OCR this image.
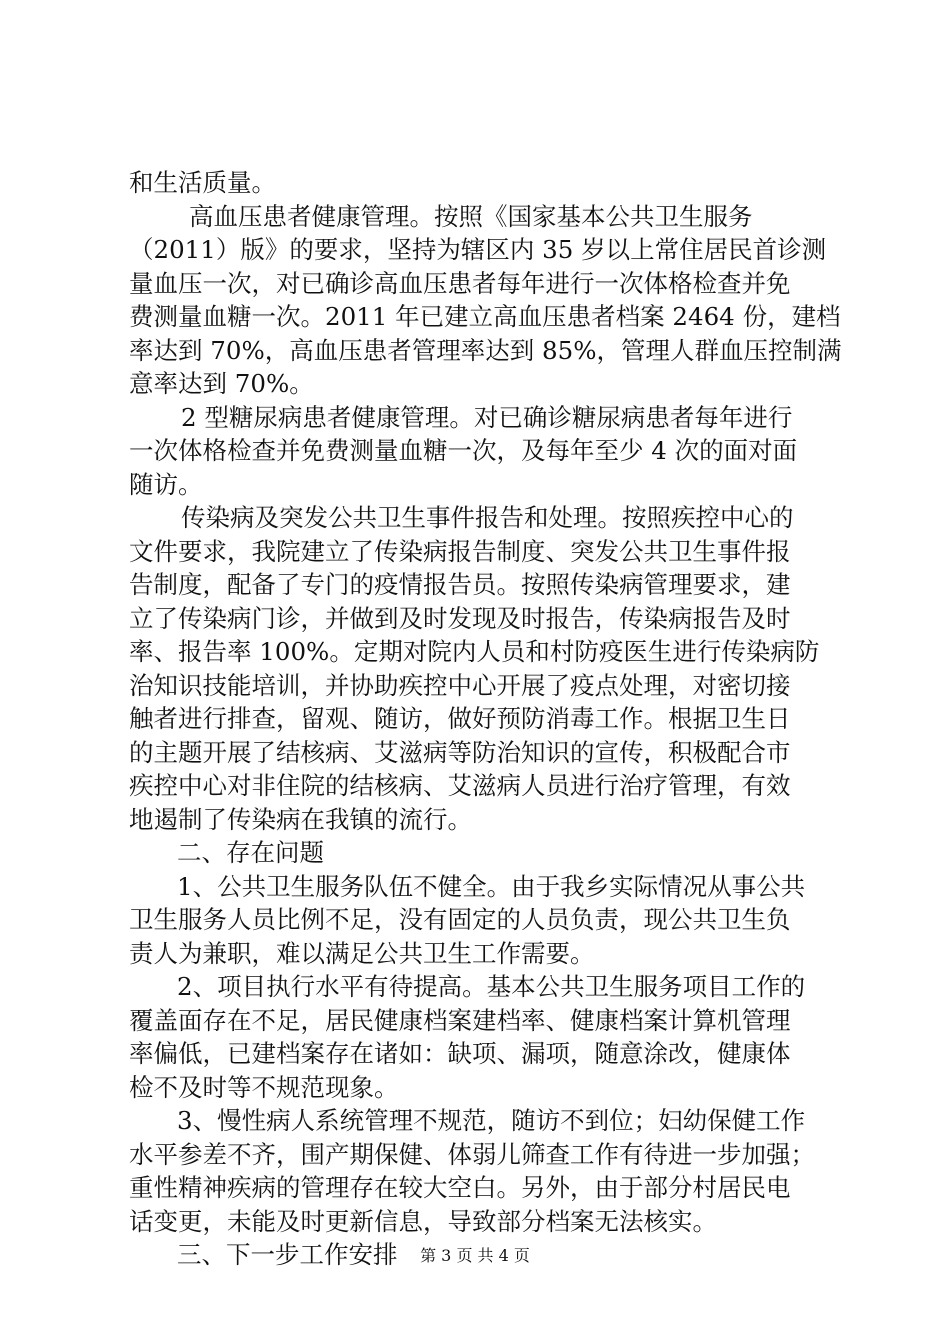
和生活质量。
高血压患者健康管理。按照《国家基本公共卫生服务
（2011）版》的要求，坚持为辖区内 35 岁以上常住居民首诊测
量血压一次，对已确诊高血压患者每年进行一次体格检查并免
费测量血糖一次。2011 年已建立高血压患者档案 2464 份，建档
率达到 70%，高血压患者管理率达到 85%，管理人群血压控制满
意率达到 70%。
2 型糖尿病患者健康管理。对已确诊糖尿病患者每年进行
一次体格检查并免费测量血糖一次，及每年至少 4 次的面对面
随访。
传染病及突发公共卫生事件报告和处理。按照疾控中心的
文件要求，我院建立了传染病报告制度、突发公共卫生事件报
告制度，配备了专门的疫情报告员。按照传染病管理要求，建
立了传染病门诊，并做到及时发现及时报告，传染病报告及时
率、报告率 100%。定期对院内人员和村防疫医生进行传染病防
治知识技能培训，并协助疾控中心开展了疫点处理，对密切接
触者进行排查，留观、随访，做好预防消毒工作。根据卫生日
的主题开展了结核病、艾滋病等防治知识的宣传，积极配合市
疾控中心对非住院的结核病、艾滋病人员进行治疗管理，有效
地遏制了传染病在我镇的流行。
二、存在问题
1、公共卫生服务队伍不健全。由于我乡实际情况从事公共
卫生服务人员比例不足，没有固定的人员负责，现公共卫生负
责人为兼职，难以满足公共卫生工作需要。
2、项目执行水平有待提高。基本公共卫生服务项目工作的
覆盖面存在不足，居民健康档案建档率、健康档案计算机管理
率偏低，已建档案存在诸如：缺项、漏项，随意涂改，健康体
检不及时等不规范现象。
3、慢性病人系统管理不规范，随访不到位；妇幼保健工作
水平参差不齐，围产期保健、体弱儿筛查工作有待进一步加强；
重性精神疾病的管理存在较大空白。另外，由于部分村居民电
话变更，未能及时更新信息，导致部分档案无法核实。
三、下一步工作安排	第 3 页 共 4 页
